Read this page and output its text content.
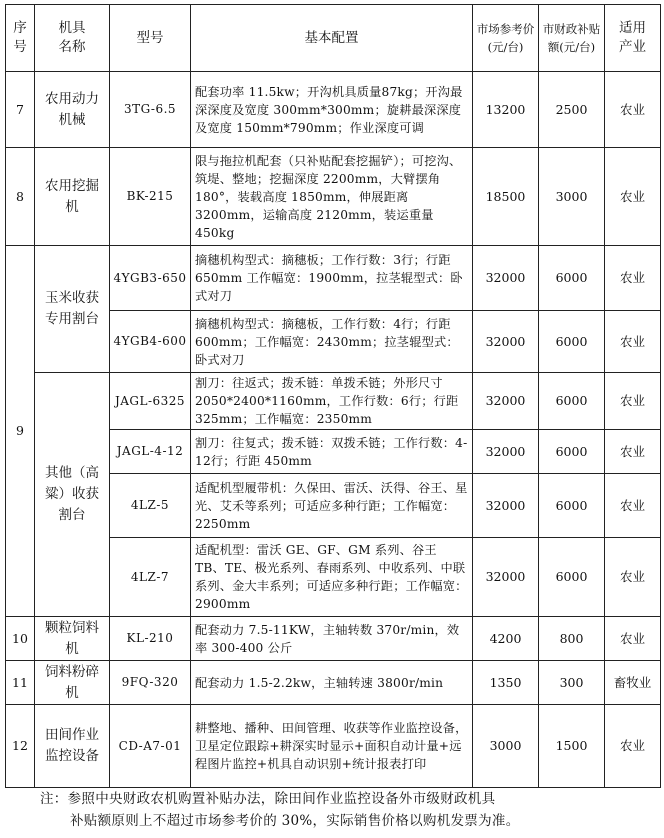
序号	机具名称	型号	基本配置	市场参考价(元/台)	市财政补贴额(元/台)	适用产业
7	农用动力机械	3TG-6.5	配套功率 11.5kw；开沟机具质量87kg；开沟最深深度及宽度 300mm*300mm；旋耕最深深度及宽度 150mm*790mm；作业深度可调	13200	2500	农业
8	农用挖掘机	BK-215	限与拖拉机配套（只补贴配套挖掘铲）；可挖沟、筑堤、整地；挖掘深度 2200mm，大臂摆角 180°，装载高度 1850mm，伸展距离 3200mm，运输高度 2120mm，装运重量 450kg	18500	3000	农业
9	玉米收获专用割台	4YGB3-650	摘穗机构型式：摘穗板；工作行数：3行；行距 650mm 工作幅宽：1900mm，拉茎辊型式：卧式对刀	32000	6000	农业
		4YGB4-600	摘穗机构型式：摘穗板，工作行数：4行；行距 600mm；工作幅宽：2430mm；拉茎辊型式：卧式对刀	32000	6000	农业
	其他（高粱）收获割台	JAGL-6325	割刀：往返式；拨禾链：单拨禾链；外形尺寸 2050*2400*1160mm，工作行数：6行；行距 325mm；工作幅宽：2350mm	32000	6000	农业
		JAGL-4-12	割刀：往复式；拨禾链：双拨禾链；工作行数：4-12行；行距 450mm	32000	6000	农业
		4LZ-5	适配机型履带机：久保田、雷沃、沃得、谷王、星光、艾禾等系列；可适应多种行距；工作幅宽：2250mm	32000	6000	农业
		4LZ-7	适配机型：雷沃 GE、GF、GM 系列、谷王 TB、TE、极光系列、春雨系列、中收系列、中联系列、金大丰系列；可适应多种行距；工作幅宽：2900mm	32000	6000	农业
10	颗粒饲料机	KL-210	配套动力 7.5-11KW，主轴转数 370r/min，效率 300-400 公斤	4200	800	农业
11	饲料粉碎机	9FQ-320	配套动力 1.5-2.2kw，主轴转速 3800r/min	1350	300	畜牧业
12	田间作业监控设备	CD-A7-01	耕整地、播种、田间管理、收获等作业监控设备，卫星定位跟踪+耕深实时显示+面积自动计量+远程图片监控+机具自动识别+统计报表打印	3000	1500	农业
注：参照中央财政农机购置补贴办法，除田间作业监控设备外市级财政机具
补贴额原则上不超过市场参考价的 30%，实际销售价格以购机发票为准。
